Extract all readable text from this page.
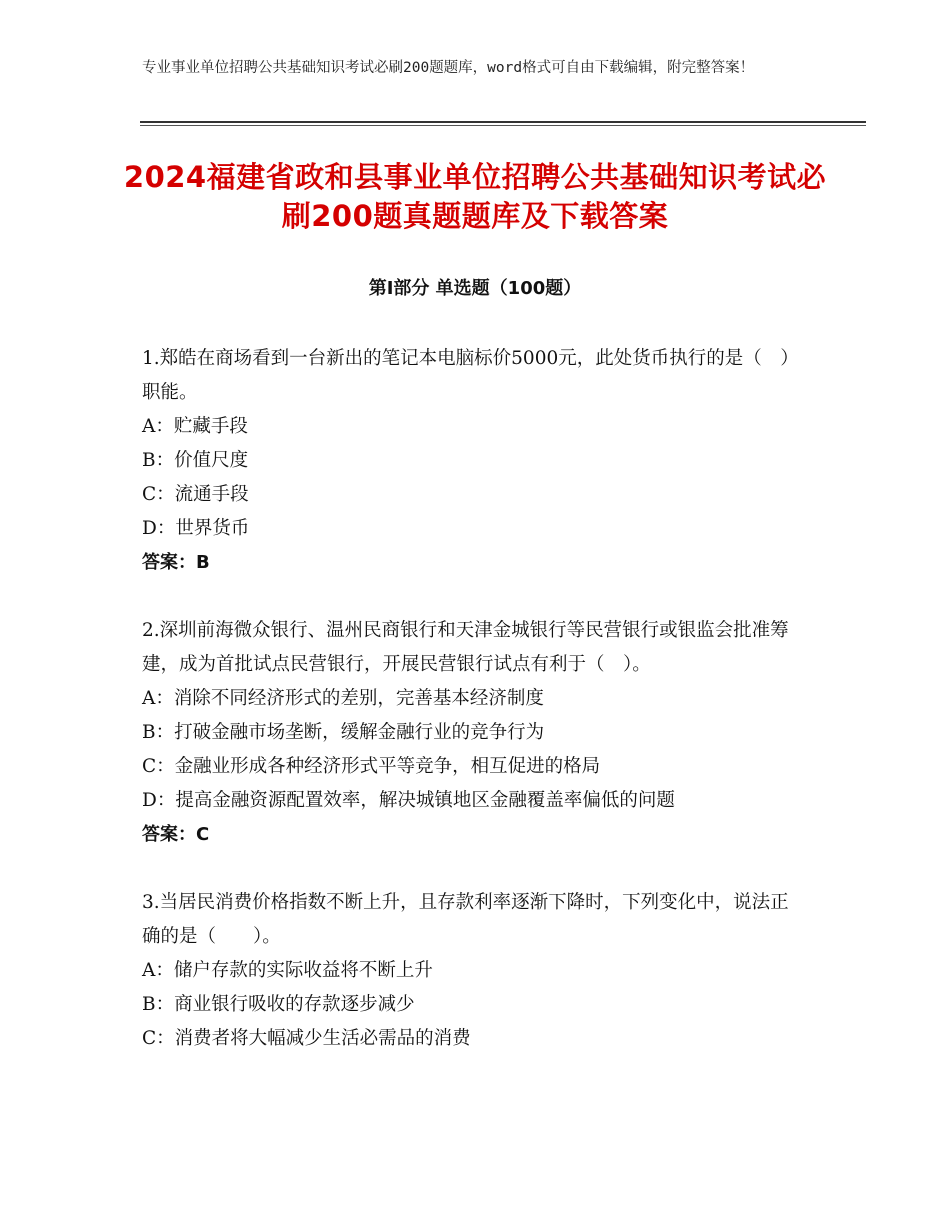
专业事业单位招聘公共基础知识考试必刷200题题库，word格式可自由下载编辑，附完整答案！
2024福建省政和县事业单位招聘公共基础知识考试必刷200题真题题库及下载答案
第Ⅰ部分 单选题（100题）

1.郑皓在商场看到一台新出的笔记本电脑标价5000元，此处货币执行的是（　）职能。

A：贮藏手段

B：价值尺度

C：流通手段

D：世界货币

答案：B

2.深圳前海微众银行、温州民商银行和天津金城银行等民营银行或银监会批准筹建，成为首批试点民营银行，开展民营银行试点有利于（　）。

A：消除不同经济形式的差别，完善基本经济制度

B：打破金融市场垄断，缓解金融行业的竞争行为

C：金融业形成各种经济形式平等竞争，相互促进的格局

D：提高金融资源配置效率，解决城镇地区金融覆盖率偏低的问题

答案：C

3.当居民消费价格指数不断上升，且存款利率逐渐下降时，下列变化中，说法正确的是（　　）。

A：储户存款的实际收益将不断上升

B：商业银行吸收的存款逐步减少

C：消费者将大幅减少生活必需品的消费
